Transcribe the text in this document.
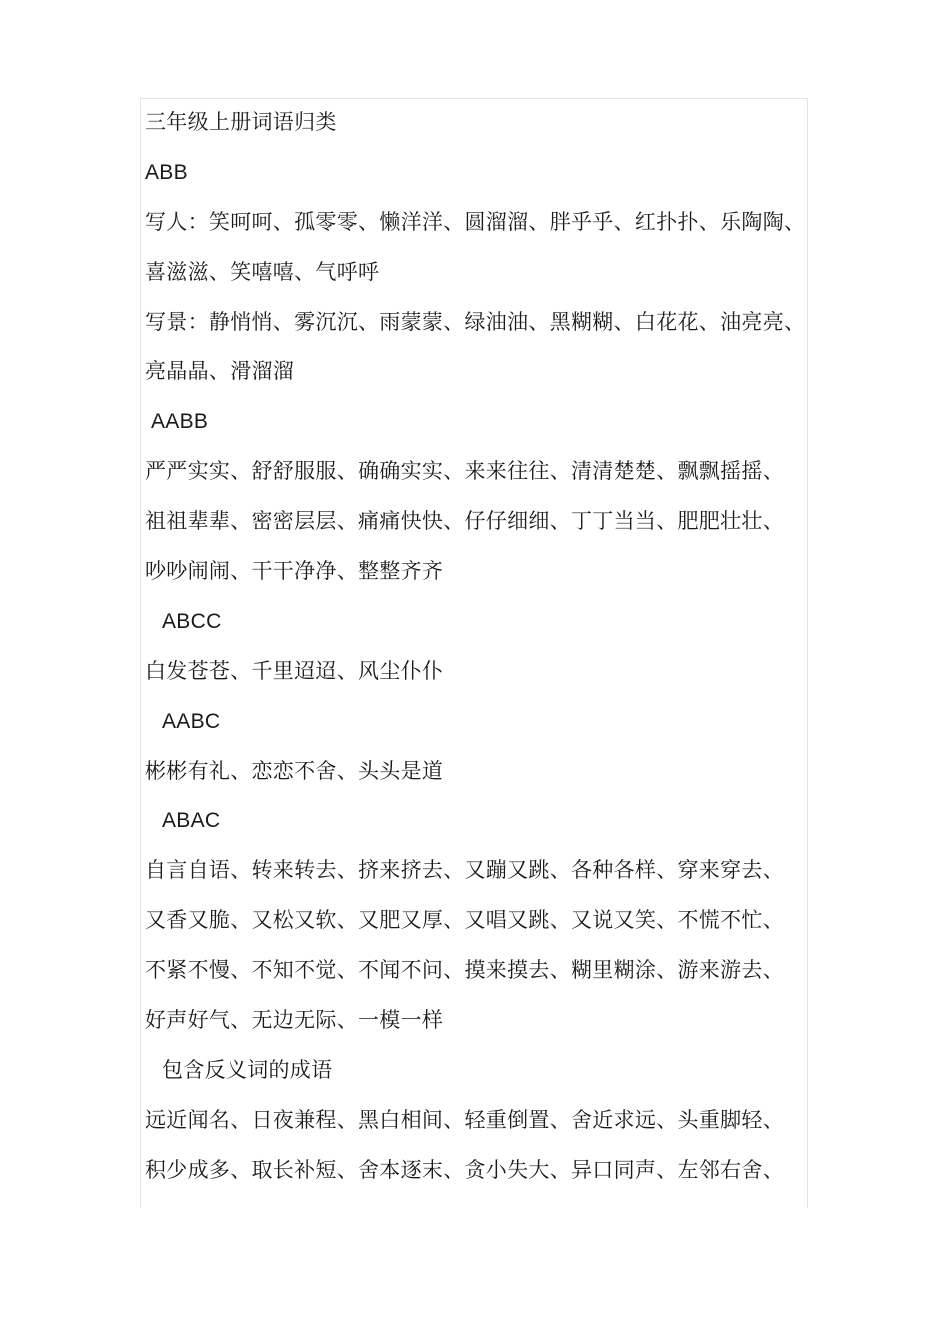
三年级上册词语归类
ABB
写人：笑呵呵、孤零零、懒洋洋、圆溜溜、胖乎乎、红扑扑、乐陶陶、
喜滋滋、笑嘻嘻、气呼呼
写景：静悄悄、雾沉沉、雨蒙蒙、绿油油、黑糊糊、白花花、油亮亮、
亮晶晶、滑溜溜
AABB
严严实实、舒舒服服、确确实实、来来往往、清清楚楚、飘飘摇摇、
祖祖辈辈、密密层层、痛痛快快、仔仔细细、丁丁当当、肥肥壮壮、
吵吵闹闹、干干净净、整整齐齐
ABCC
白发苍苍、千里迢迢、风尘仆仆
AABC
彬彬有礼、恋恋不舍、头头是道
ABAC
自言自语、转来转去、挤来挤去、又蹦又跳、各种各样、穿来穿去、
又香又脆、又松又软、又肥又厚、又唱又跳、又说又笑、不慌不忙、
不紧不慢、不知不觉、不闻不问、摸来摸去、糊里糊涂、游来游去、
好声好气、无边无际、一模一样
包含反义词的成语
远近闻名、日夜兼程、黑白相间、轻重倒置、舍近求远、头重脚轻、
积少成多、取长补短、舍本逐末、贪小失大、异口同声、左邻右舍、
